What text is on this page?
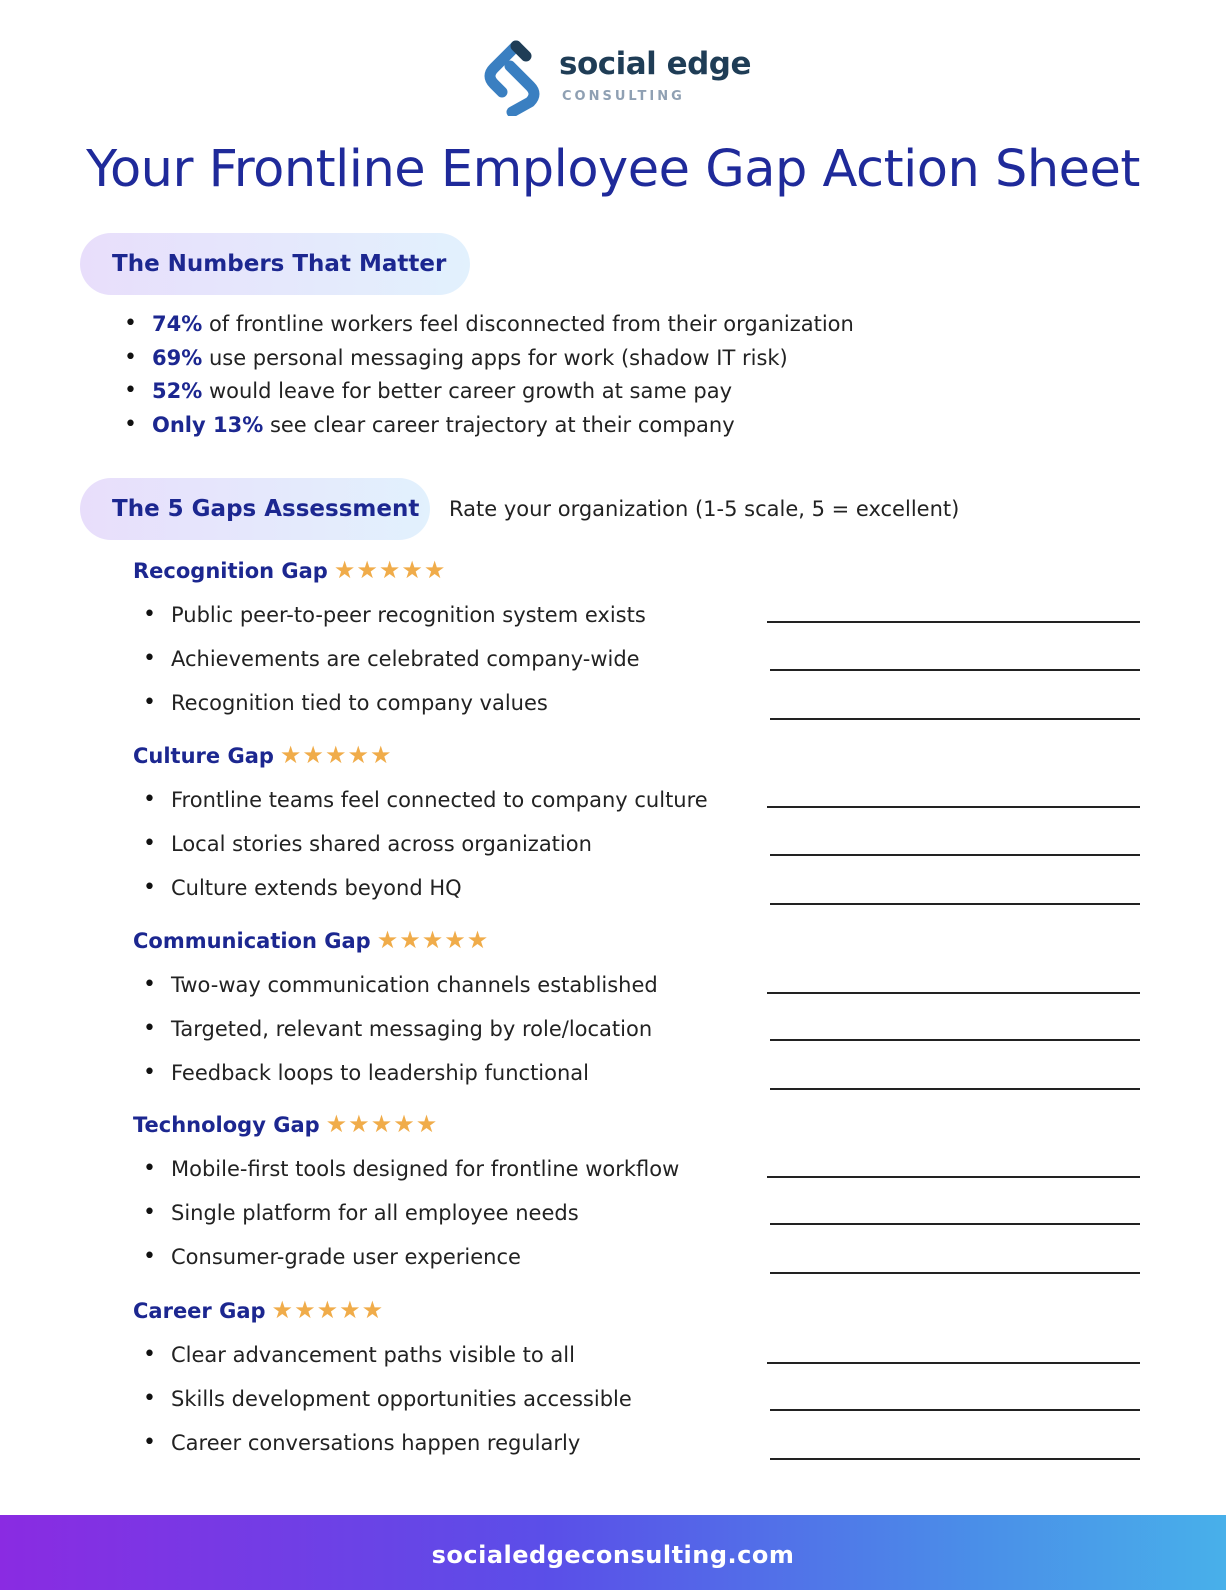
social edge
CONSULTING
Your Frontline Employee Gap Action Sheet
The Numbers That Matter
• 74% of frontline workers feel disconnected from their organization
• 69% use personal messaging apps for work (shadow IT risk)
• 52% would leave for better career growth at same pay
• Only 13% see clear career trajectory at their company
The 5 Gaps Assessment	Rate your organization (1-5 scale, 5 = excellent)
Recognition Gap ★★★★★
• Public peer-to-peer recognition system exists
• Achievements are celebrated company-wide
• Recognition tied to company values
Culture Gap ★★★★★
• Frontline teams feel connected to company culture
• Local stories shared across organization
• Culture extends beyond HQ
Communication Gap ★★★★★
• Two-way communication channels established
• Targeted, relevant messaging by role/location
• Feedback loops to leadership functional
Technology Gap ★★★★★
• Mobile-first tools designed for frontline workflow
• Single platform for all employee needs
• Consumer-grade user experience
Career Gap ★★★★★
• Clear advancement paths visible to all
• Skills development opportunities accessible
• Career conversations happen regularly
socialedgeconsulting.com
